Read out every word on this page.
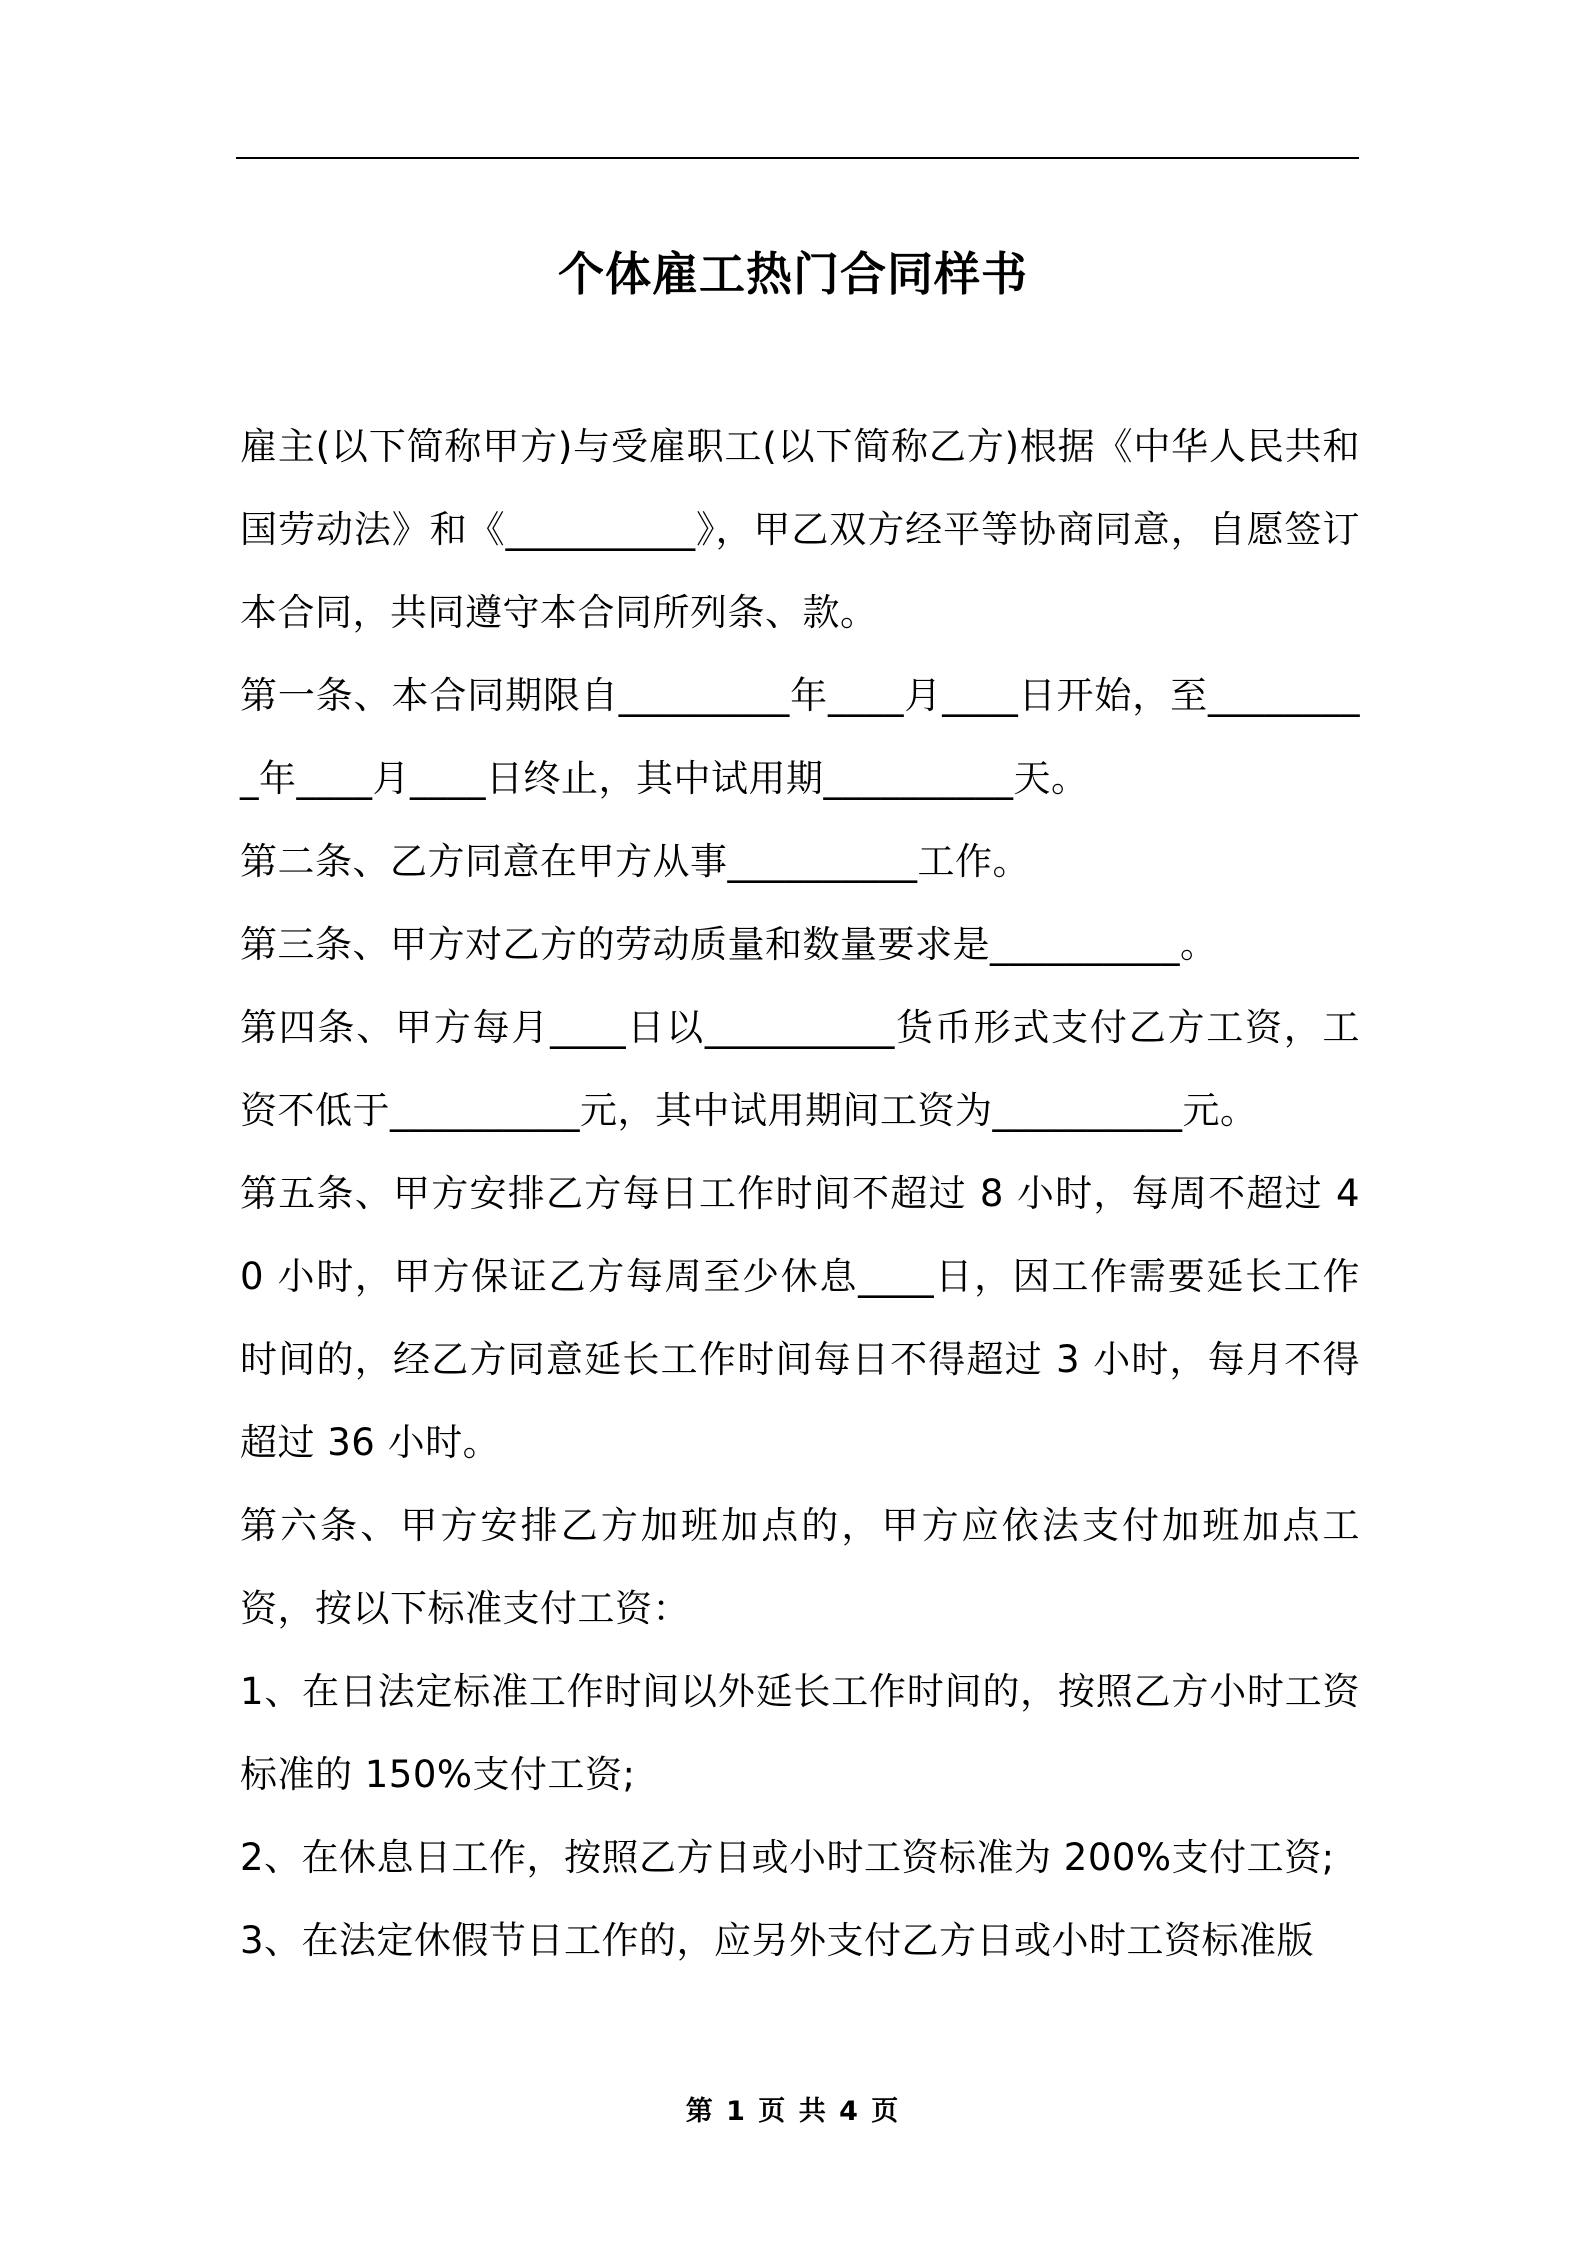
个体雇工热门合同样书

雇主(以下简称甲方)与受雇职工(以下简称乙方)根据《中华人民共和国劳动法》和《__________》，甲乙双方经平等协商同意，自愿签订本合同，共同遵守本合同所列条、款。

第一条、本合同期限自_________年____月____日开始，至_________年____月____日终止，其中试用期__________天。

第二条、乙方同意在甲方从事__________工作。

第三条、甲方对乙方的劳动质量和数量要求是__________。

第四条、甲方每月____日以__________货币形式支付乙方工资，工资不低于__________元，其中试用期间工资为__________元。

第五条、甲方安排乙方每日工作时间不超过 8 小时，每周不超过 40 小时，甲方保证乙方每周至少休息____日，因工作需要延长工作时间的，经乙方同意延长工作时间每日不得超过 3 小时，每月不得超过 36 小时。

第六条、甲方安排乙方加班加点的，甲方应依法支付加班加点工资，按以下标准支付工资：

1、在日法定标准工作时间以外延长工作时间的，按照乙方小时工资标准的 150%支付工资;

2、在休息日工作，按照乙方日或小时工资标准为 200%支付工资;

3、在法定休假节日工作的，应另外支付乙方日或小时工资标准版

第 1 页 共 4 页
